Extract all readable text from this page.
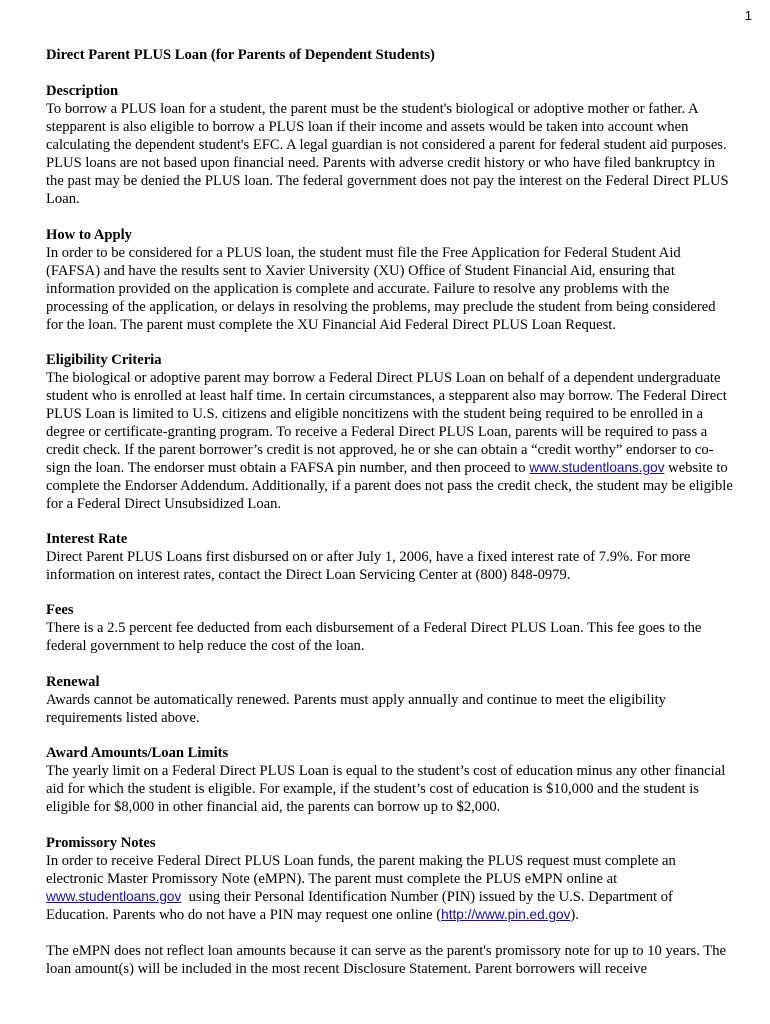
1
Direct Parent PLUS Loan (for Parents of Dependent Students)
Description

To borrow a PLUS loan for a student, the parent must be the student's biological or adoptive mother or father. A stepparent is also eligible to borrow a PLUS loan if their income and assets would be taken into account when calculating the dependent student's EFC. A legal guardian is not considered a parent for federal student aid purposes. PLUS loans are not based upon financial need. Parents with adverse credit history or who have filed bankruptcy in the past may be denied the PLUS loan. The federal government does not pay the interest on the Federal Direct PLUS Loan.

How to Apply

In order to be considered for a PLUS loan, the student must file the Free Application for Federal Student Aid (FAFSA) and have the results sent to Xavier University (XU) Office of Student Financial Aid, ensuring that information provided on the application is complete and accurate. Failure to resolve any problems with the processing of the application, or delays in resolving the problems, may preclude the student from being considered for the loan. The parent must complete the XU Financial Aid Federal Direct PLUS Loan Request.

Eligibility Criteria

The biological or adoptive parent may borrow a Federal Direct PLUS Loan on behalf of a dependent undergraduate student who is enrolled at least half time. In certain circumstances, a stepparent also may borrow. The Federal Direct PLUS Loan is limited to U.S. citizens and eligible noncitizens with the student being required to be enrolled in a degree or certificate-granting program. To receive a Federal Direct PLUS Loan, parents will be required to pass a credit check. If the parent borrower’s credit is not approved, he or she can obtain a “credit worthy” endorser to co-sign the loan. The endorser must obtain a FAFSA pin number, and then proceed to www.studentloans.gov website to complete the Endorser Addendum. Additionally, if a parent does not pass the credit check, the student may be eligible for a Federal Direct Unsubsidized Loan.

Interest Rate

Direct Parent PLUS Loans first disbursed on or after July 1, 2006, have a fixed interest rate of 7.9%. For more information on interest rates, contact the Direct Loan Servicing Center at (800) 848-0979.

Fees

There is a 2.5 percent fee deducted from each disbursement of a Federal Direct PLUS Loan. This fee goes to the federal government to help reduce the cost of the loan.

Renewal

Awards cannot be automatically renewed. Parents must apply annually and continue to meet the eligibility requirements listed above.

Award Amounts/Loan Limits

The yearly limit on a Federal Direct PLUS Loan is equal to the student’s cost of education minus any other financial aid for which the student is eligible. For example, if the student’s cost of education is $10,000 and the student is eligible for $8,000 in other financial aid, the parents can borrow up to $2,000.

Promissory Notes

In order to receive Federal Direct PLUS Loan funds, the parent making the PLUS request must complete an electronic Master Promissory Note (eMPN). The parent must complete the PLUS eMPN online at www.studentloans.gov  using their Personal Identification Number (PIN) issued by the U.S. Department of Education. Parents who do not have a PIN may request one online (http://www.pin.ed.gov).

The eMPN does not reflect loan amounts because it can serve as the parent's promissory note for up to 10 years. The loan amount(s) will be included in the most recent Disclosure Statement. Parent borrowers will receive
